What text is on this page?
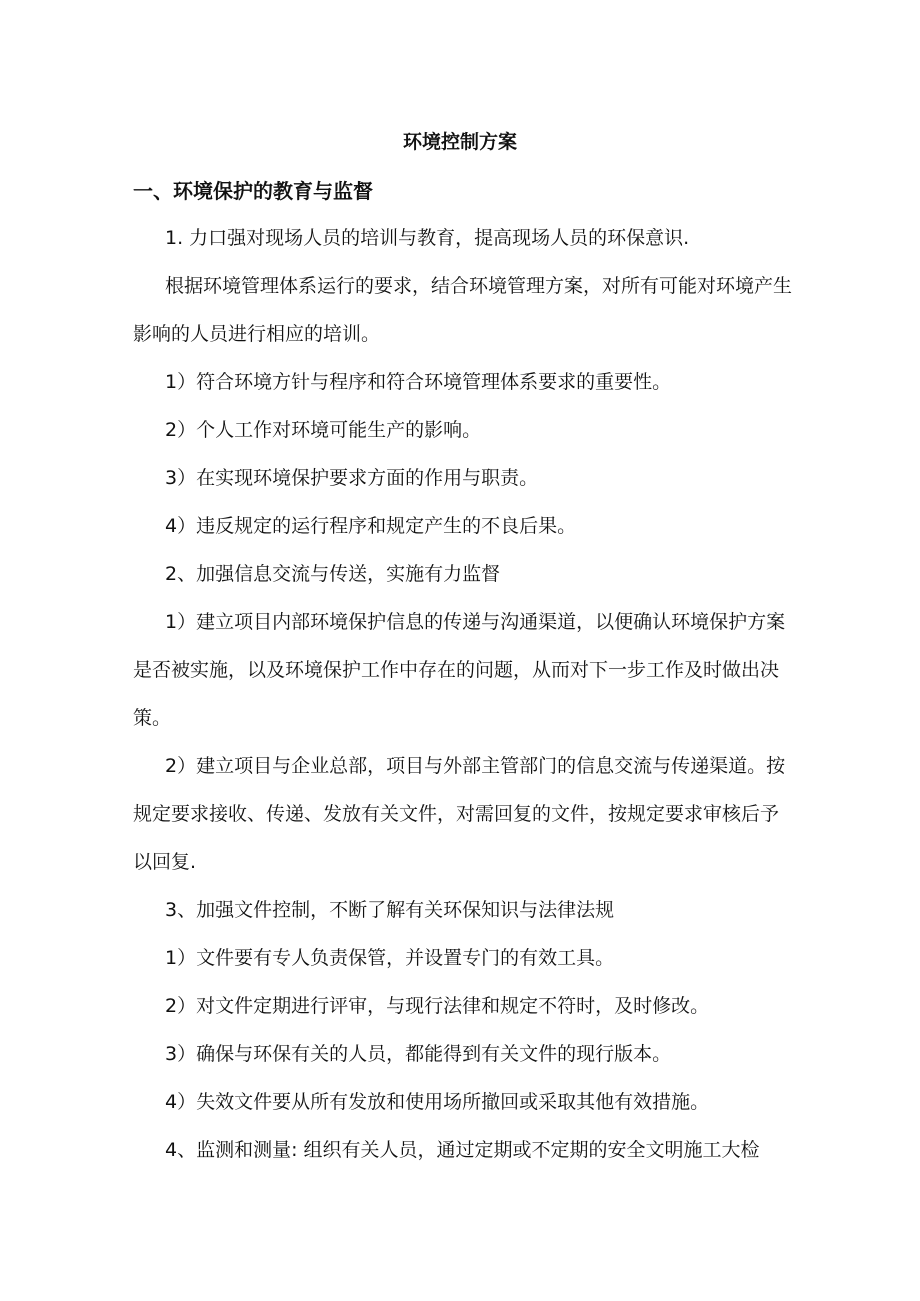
环境控制方案
一、环境保护的教育与监督

1. 力口强对现场人员的培训与教育，提高现场人员的环保意识.

根据环境管理体系运行的要求，结合环境管理方案，对所有可能对环境产生影响的人员进行相应的培训。

1）符合环境方针与程序和符合环境管理体系要求的重要性。

2）个人工作对环境可能生产的影响。

3）在实现环境保护要求方面的作用与职责。

4）违反规定的运行程序和规定产生的不良后果。

2、加强信息交流与传送，实施有力监督

1）建立项目内部环境保护信息的传递与沟通渠道，以便确认环境保护方案是否被实施，以及环境保护工作中存在的问题，从而对下一步工作及时做出决策。

2）建立项目与企业总部，项目与外部主管部门的信息交流与传递渠道。按规定要求接收、传递、发放有关文件，对需回复的文件，按规定要求审核后予以回复.

3、加强文件控制，不断了解有关环保知识与法律法规

1）文件要有专人负责保管，并设置专门的有效工具。

2）对文件定期进行评审，与现行法律和规定不符时，及时修改。

3）确保与环保有关的人员，都能得到有关文件的现行版本。

4）失效文件要从所有发放和使用场所撤回或采取其他有效措施。

4、监测和测量: 组织有关人员，通过定期或不定期的安全文明施工大检
